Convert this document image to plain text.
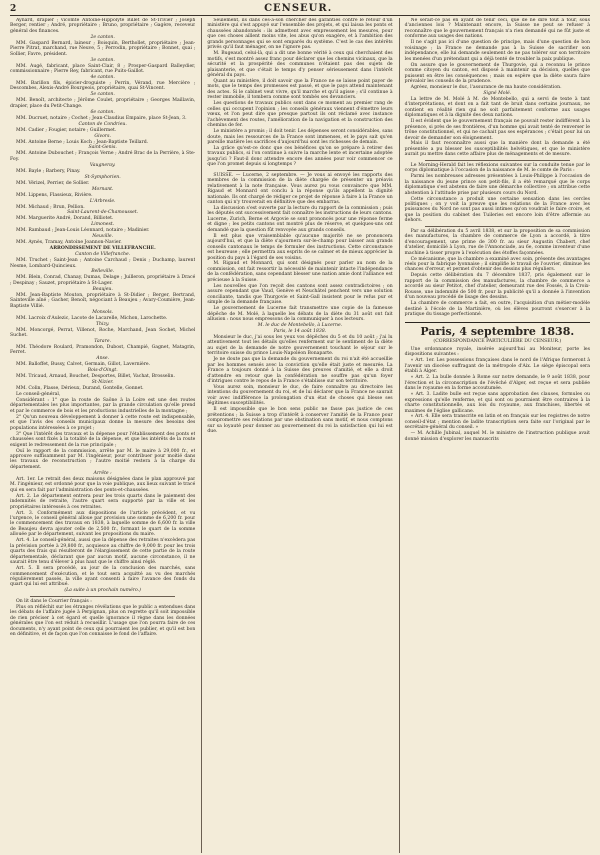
2	CENSEUR.

Aynard, drapier ; vicomte Antoine-Hippolyte Billet de St-Trivier ; Joseph Berger, rentier ; André, propriétaire ; Bruno, propriétaire ; Gagère, receveur général des finances.

2e canton.

MM. Gaspard Bernard, laineur ; Boisquin, Berthollet, propriétaire ; Jean-Pierre Pitrat, marchand, rue Neuve, 5 ; Perrodin, propriétaire ; Bonnet, quai ; Sollier, Favre, président.

3e canton.

MM. Augé, fabricant, place Saint-Clair, 8 ; Prosper-Gaspard Balleydier, commissionnaire ; Pierre Rey, fabricant, rue Puits-Gaillot.

4e canton.

MM. Barillon fils, épicier-droguiste ; Perrin, Vérand, rue Mercière ; Descombes, Alexis-André Bourgeois, propriétaire, quai St-Vincent.

5e canton.

MM. Benoît, architecte ; Jérôme Coulet, propriétaire ; Georges Maillavin, drapier, place du Petit-Change.

6e canton.

MM. Ducruet, notaire ; Cochet ; Jean-Claudius Empaire, place St-Jean, 3.

Canton de Condrieu.

MM. Cadier ; Fougier, notaire ; Guillermet.

Givors.

MM. Antoine Berne ; Louis Koch ; Jean-Baptiste Teillard.

Saint-Genis.

MM. Antoine Dubouchet ; François Verne ; André Brac de la Perrière, à Ste-Foy.

Vaugneray.

MM. Bayle ; Barbery, Pinay.

St-Symphorien.

MM. Vérizel, Perrier, de Sollier.

Mornant.

MM. Lippens, Flassieux, Rivière.

L'Arbresle.

MM. Michaud ; Brun, Pellion.

Saint-Laurent-de-Chamousset.

MM. Marguerite André, Dorand, Billiotet.

Limonest.

MM. Rambaud ; Jean-Louis Léonnard, notaire ; Madinier.

Neuville.

MM. Aynès, Tramay, Antoine Joannon-Navier.

ARRONDISSEMENT DE VILLEFRANCHE.

Canton de Villefranche.

MM. Truchet ; Saint-Jean ; Antoine Carchaud ; Denis ; Duchamp, laurent Nesme, Lombard-Quincieux.

Belleville.

MM. Blein, Conrad, Chanay, Dumas, Delage ; Juilleron, propriétaire à Dracé ; Despinay ; Sauzet, propriétaire à St-Lager.

Beaujeu.

MM. Jean-Baptiste Mouton, propriétaire à St-Didier ; Berger, Bertrand, Sainteville aîné ; Gacher, Benoît, négociant à Beaujeu ; Avary-Coumière, Jean-Baptiste Villié.

Monsols.

MM. Lacroix d'Aulezic, Lacote de Lacarelle, Michon, Larochette.

Thizy.

MM. Moncorgé, Perrat, Villenot, Roche, Marchand, Jean Sochet, Michel Suchet.

Tarare.

MM. Théodore Roulard, Pramondon, Dubost, Champié, Gagnet, Matagrin, Ferret.

Anse.

MM. Balloffet, Bussy, Calvet, Germain, Gillot, Lavernière.

Bois-d'Oingt.

MM. Tricaud, Arnaud, Bouchet, Desportes, Billet, Vachat, Brosselin.

St-Nizier.

MM. Colin, Plasse, Dérieux, Durand, Gontelle, Gonnet.

Le conseil-général,

Considérant : 1° que la route de Saône à la Loire est une des routes départementales les plus importantes, par la grande circulation qu'elle prend et par le commerce de bois et les productions industrielles de la montagne ;

2° Qu'un nouveau développement à donner à cette route est indispensable, et que l'avis des conseils municipaux donne la mesure des besoins des populations intéressées à ce projet ;

3° Que l'intérêt des travaux et la dépense pour l'établissement des ponts et chaussées sont fixés à la totalité de la dépense, et que les intérêts de la route exigent le redressement de la rue principale ;

Ouï le rapport de la commission, arrête par M. le maire à 29,000 fr., et approuve suffisamment par M. l'ingénieur, pour contribuer pour moitié dans les travaux de reconstruction ; l'autre moitié restera à la charge du département.

Arrête :

Art. 1er. Le retrait des deux maisons désignées dans le plan approuvé par M. l'ingénieur, est ordonné pour que la voie publique, aux lieux suivant le tracé qui en sera fait par l'administration des ponts-et-chaussées.

Art. 2. Le département entrera pour les trois quarts dans le paiement des indemnités de retraite, l'autre quart sera supporté par la ville et les propriétaires intéressés à ces retraites.

Art. 3. Conformément aux dispositions de l'article précédent, et vu l'urgence, le conseil général alloue par provision une somme de 6,200 fr. pour le commencement des travaux en 1838, à laquelle somme de 6,600 fr. la ville de Beaujeu devra ajouter celle de 2,500 fr., formant le quart de la somme allouée par le département, suivant les propositions du maire.

Art. 4. Le conseil-général, aussi que la dépense des retraites n'excèdera pas la prévision portée à 29,800 fr., acquiesce au chiffre de 9,000 fr. pour les trois quarts des frais qui résulteront de l'élargissement de cette partie de la route départementale, déclarant que par aucun motif, aucune circonstance, il ne saurait être tenu d'élever à plus haut que le chiffre ainsi réglé.

Art. 5. Il sera procédé, au jour de la conclusion des marchés, sans commencement d'exécution, et le tout sera acquitté au vu des marchés régulièrement passés, la ville ayant consenti à faire l'avance des fonds du quart qui lui est attribué.

(La suite à un prochain numéro.)

On lit dans le Courrier français :

Plus on réfléchit sur les étranges révélations que le public a entendues dans les débats de l'affaire jugée à Perpignan, plus on regrette qu'il soit impossible de rien préciser à cet égard et quelle ignorance il règne dans les données générales que l'on est réduit à recueillir. L'usage que l'on pourra faire de ces documents, n'y ayant point de ceux qui pourraient les publier, et qu'il est bon en définitive, et de façon que l'on connaisse le fond de l'affaire.

Seulement, ils dans ces-à-son chercher des garanties contre le retour d'un ministère qui s'est appuyé sur l'ensemble des projets, et qui laissa les ponts et chaussées abandonnés : ils admettent avec empressement les mesures, pour que ces choses aillent moins vite, les abus qu'on exagère, et à l'ambition des grands personnages qui se sont emparés du système. C'est le cas des intérêts privés qu'il faut ménager, on ne l'ignore pas.

M. Bugeaud, celui-là, qui a dit une bonne vérité à ceux qui cherchaient des motifs, s'est montré assez franc pour déclarer que les chemins vicinaux, que la sécurité et la prospérité des communes n'étaient pas des sujets de plaisanterie, et que c'était le temps d'y penser sérieusement dans l'intérêt général du pays.

Quant au ministère, il doit savoir que la France ne se laisse point payer de mots, que le temps des promesses est passé, et que le pays attend maintenant des actes. Si le cabinet veut vivre, qu'il marche et qu'il agisse ; s'il continue à rester immobile, il tombera comme sont tombés ses devanciers.

Les questions de travaux publics sont dans ce moment au premier rang de celles qui occupent l'opinion ; les conseils généraux viennent d'émettre leurs vœux, et l'on peut dire que presque partout ils ont réclamé avec instance l'achèvement des routes, l'amélioration de la navigation et la construction des chemins de fer.

Le ministère a promis ; il doit tenir. Les dépenses seront considérables, sans doute, mais les ressources de la France sont immenses, et le pays sait qu'en pareille matière les sacrifices d'aujourd'hui sont les richesses de demain.

La grâce qu'est-ce donc que ces bénéfices qu'on se prépare à retirer des travaux publics, si l'on continue à suivre la marche lente et incertaine adoptée jusqu'ici ? Faut-il donc attendre encore des années pour voir commencer ce que l'on promet depuis si longtemps ?

SUISSE. — Lucerne, 2 septembre. — Je vous ai envoyé les rapports des membres de la commission de la diète chargée de présenter un préavis relativement à la note française. Vous aurez pu vous convaincre que MM. Rigaud et Monnard ont conclu à la réponse qu'ils appellent la dignité nationale. Ils ont chargé de rédiger ce projet de réponse à faire à la France un canton qui n'y trouverait en définitive que des embarras.

La discussion s'est ouverte par la lecture du rapport de la commission ; puis les députés ont successivement fait connaître les instructions de leurs cantons. Lucerne, Zurich, Berne et Argovie se sont prononcés pour une réponse ferme et digne ; les petits cantons ont montré plus de réserve, et quelques-uns ont demandé que la question fût renvoyée aux grands conseils.

Il est plus que vraisemblable qu'aucune majorité ne se prononcera aujourd'hui, et que la diète s'ajournera sur-le-champ pour laisser aux grands conseils cantonaux le temps de formuler des instructions. Cette circonstance est heureuse ; elle permettra aux esprits de se calmer et de mieux apprécier la position du pays à l'égard de ses voisins.

M. Rigaud et Monnard, qui sont désignés pour parler au nom de la commission, ont fait ressortir la nécessité de maintenir intacte l'indépendance de la confédération, sans cependant blesser une nation amie dont l'alliance est précieuse à la Suisse.

Les nouvelles que l'on reçoit des cantons sont assez contradictoires ; on assure cependant que Vaud, Genève et Neuchâtel penchent vers une solution conciliante, tandis que Thurgovie et Saint-Gall insistent pour le refus pur et simple de la demande française.

Le gouvernement de Lucerne fait transmettre une copie de la fameuse dépêche de M. Molé, à laquelle les débats de la diète du 31 août ont fait allusion : nous nous empressons de la communiquer à nos lecteurs.

M. le duc de Montebello, à Lucerne.

Paris, le 14 août 1838.

Monsieur le duc, j'ai sous les yeux vos dépêches du 5 et du 10 août ; j'ai lu attentivement tout les détails qu'elles renferment sur le sentiment de la diète au sujet de la demande de notre gouvernement touchant le séjour sur le territoire suisse du prince Louis-Napoléon Bonaparte.

Je ne doute pas que la demande du gouvernement du roi n'ait été accueillie par les hommes sensés avec la conviction qu'elle était juste et mesurée. La France a toujours donné à la Suisse des preuves d'amitié, et elle a droit d'attendre en retour que la confédération ne souffre pas qu'un foyer d'intrigues contre le repos de la France s'établisse sur son territoire.

Vous aurez soin, monsieur le duc, de faire connaître au directoire les intentions du gouvernement du roi, et de lui déclarer que la France ne saurait voir avec indifférence la prolongation d'un état de choses qui blesse ses légitimes susceptibilités.

Il est impossible que le bon sens public ne fasse pas justice de ces prétentions ; la Suisse a trop d'intérêt à conserver l'amitié de la France pour compromettre ses relations par une obstination sans motif, et nous comptons sur sa loyauté pour donner au gouvernement du roi la satisfaction qui lui est due.

Ne serait-ce pas en ayant de tenir ceci, que de ne dire tout à tour, sous d'anciennes lois ? Maintenant encore, la Suisse ne peut se refuser à reconnaître que le gouvernement français n'a rien demandé qui ne fût juste et conforme aux usages des nations.

Il ne s'agit pas ici d'une question de principe, mais d'une question de bon voisinage ; la France ne demande pas à la Suisse de sacrifier son indépendance, elle lui demande seulement de ne pas tolérer sur son territoire les menées d'un prétendant qui a déjà tenté de troubler la paix publique.

On assure que le gouvernement de Thurgovie, qui a reconnu le prince comme citoyen du canton, est disposé à maintenir sa décision, quelles que puissent en être les conséquences ; mais on espère que la diète saura faire prévaloir les conseils de la prudence.

Agréez, monsieur le duc, l'assurance de ma haute considération.

Signé Molé.

La lettre de M. Molé à M. de Montebello, qui a servi de texte à tant d'interprétations, et dont on a fait tant de bruit dans certains journaux, ne contient en réalité rien qui ne soit parfaitement conforme aux usages diplomatiques et à la dignité des deux nations.

Il est évident que le gouvernement français ne pouvait rester indifférent à la présence, si près de ses frontières, d'un homme qui avait tenté de renverser le trône constitutionnel, et qui ne cachait pas ses espérances ; c'était pour lui un devoir de demander son éloignement.

Mais il faut reconnaître aussi que la manière dont la demande a été présentée a pu blesser les susceptibilités helvétiques, et que le ministère aurait pu mettre dans cette affaire plus de ménagements et de mesure.

Le Morning-Herald fait les réflexions suivantes sur la conduite tenue par le corps diplomatique à l'occasion de la naissance de M. le comte de Paris :

Parmi les nombreuses adresses présentées à Louis-Philippe à l'occasion de la naissance du jeune prince son petit-fils, il a été remarqué que le corps diplomatique s'est abstenu de faire une démarche collective ; on attribue cette abstention à l'attitude prise par plusieurs cours du Nord.

Cette circonstance a produit une certaine sensation dans les cercles politiques ; on y voit la preuve que les relations de la France avec les puissances du Nord ne sont pas aussi intimes qu'on voudrait le faire croire, et que la position du cabinet des Tuileries est encore loin d'être affermie au dehors.

Par sa délibération du 5 avril 1838, et sur la proposition de sa commission des manufactures, la chambre de commerce de Lyon a accordé, à titre d'encouragement, une prime de 300 fr. au sieur Augustin Chabert, chef d'atelier, domicilié à Lyon, rue de l'Annonciade, au 6e, comme inventeur d'une machine à tisser propre à l'exécution des étoffes façonnées.

Ce mécanisme, que la chambre a examiné avec soin, présente des avantages réels pour la fabrique lyonnaise ; il simplifie le travail de l'ouvrier, diminue les chances d'erreur, et permet d'obtenir des dessins plus réguliers.

Depuis cette délibération du 7 décembre 1837, pris également sur le rapport de la commission des manufactures, la chambre de commerce a accordé au sieur Petitot, chef d'atelier, demeurant rue des Fossés, à la Croix-Rousse, une indemnité de 500 fr. pour la publicité qu'il a donnée à l'invention d'un nouveau procédé de lisage des dessins.

La chambre de commerce a fait, en outre, l'acquisition d'un métier-modèle destiné à l'école de la Martinière, où les élèves pourront s'exercer à la pratique du tissage perfectionné.

Paris, 4 septembre 1838.
(CORRESPONDANCE PARTICULIÈRE DU CENSEUR.)

Une ordonnance royale, insérée aujourd'hui au Moniteur, porte les dispositions suivantes :

« Art. 1er. Les possessions françaises dans le nord de l'Afrique formeront à l'avenir un diocèse suffragant de la métropole d'Aix. Le siège épiscopal sera établi à Alger.

« Art. 2. La bulle donnée à Rome sur notre demande, le 9 août 1838, pour l'érection et la circonscription de l'évêché d'Alger, est reçue et sera publiée dans le royaume en la forme accoutumée.

« Art. 3. Ladite bulle est reçue sans approbation des clauses, formules ou expressions qu'elle renferme, et qui sont ou pourraient être contraires à la charte constitutionnelle, aux lois du royaume, aux franchises, libertés et maximes de l'église gallicane.

« Art. 4. Elle sera transcrite en latin et en français sur les registres de notre conseil-d'état ; mention de ladite transcription sera faite sur l'original par le secrétaire-général du conseil. »

— M. Achille Jubinal, auquel M. le ministre de l'instruction publique avait donné mission d'explorer les manuscrits
